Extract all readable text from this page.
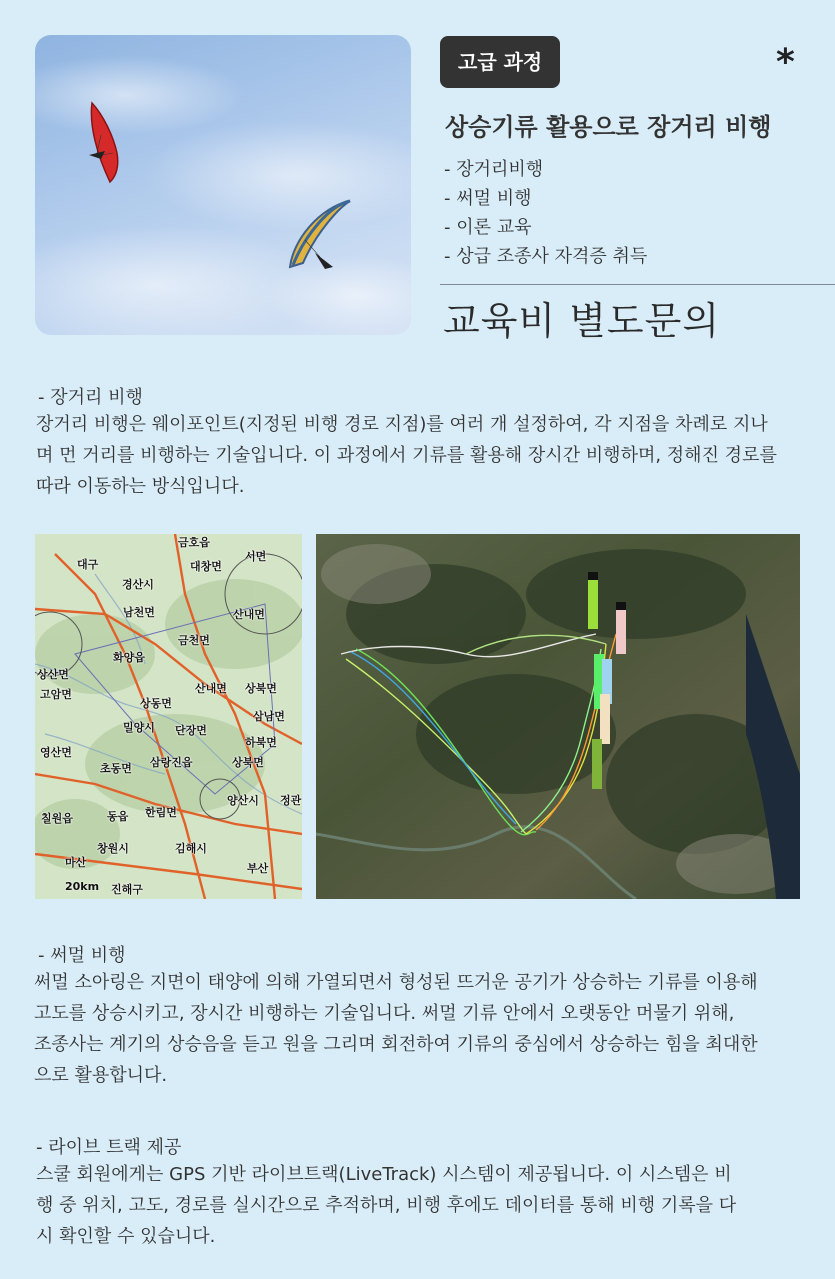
고급 과정	*
상승기류 활용으로 장거리 비행
- 장거리비행
- 써멀 비행
- 이론 교육
- 상급 조종사 자격증 취득
교육비 별도문의
- 장거리 비행
장거리 비행은 웨이포인트(지정된 비행 경로 지점)를 여러 개 설정하여, 각 지점을 차례로 지나
며 먼 거리를 비행하는 기술입니다. 이 과정에서 기류를 활용해 장시간 비행하며, 정해진 경로를
따라 이동하는 방식입니다.
금호읍
서면
대구	대창면
경산시
남천면	산내면
금천면
화양읍
상산면
고암면	산내면 상북면
상동면
삼남면
밀양시 단장면
하북면
영산면
초동면 삼랑진읍	상북면
양산시 정관
칠원읍	동읍 한림면
창원시	김해시
마산	부산
진해구
20km
- 써멀 비행
써멀 소아링은 지면이 태양에 의해 가열되면서 형성된 뜨거운 공기가 상승하는 기류를 이용해
고도를 상승시키고, 장시간 비행하는 기술입니다. 써멀 기류 안에서 오랫동안 머물기 위해,
조종사는 계기의 상승음을 듣고 원을 그리며 회전하여 기류의 중심에서 상승하는 힘을 최대한
으로 활용합니다.
- 라이브 트랙 제공
스쿨 회원에게는 GPS 기반 라이브트랙(LiveTrack) 시스템이 제공됩니다. 이 시스템은 비
행 중 위치, 고도, 경로를 실시간으로 추적하며, 비행 후에도 데이터를 통해 비행 기록을 다
시 확인할 수 있습니다.
